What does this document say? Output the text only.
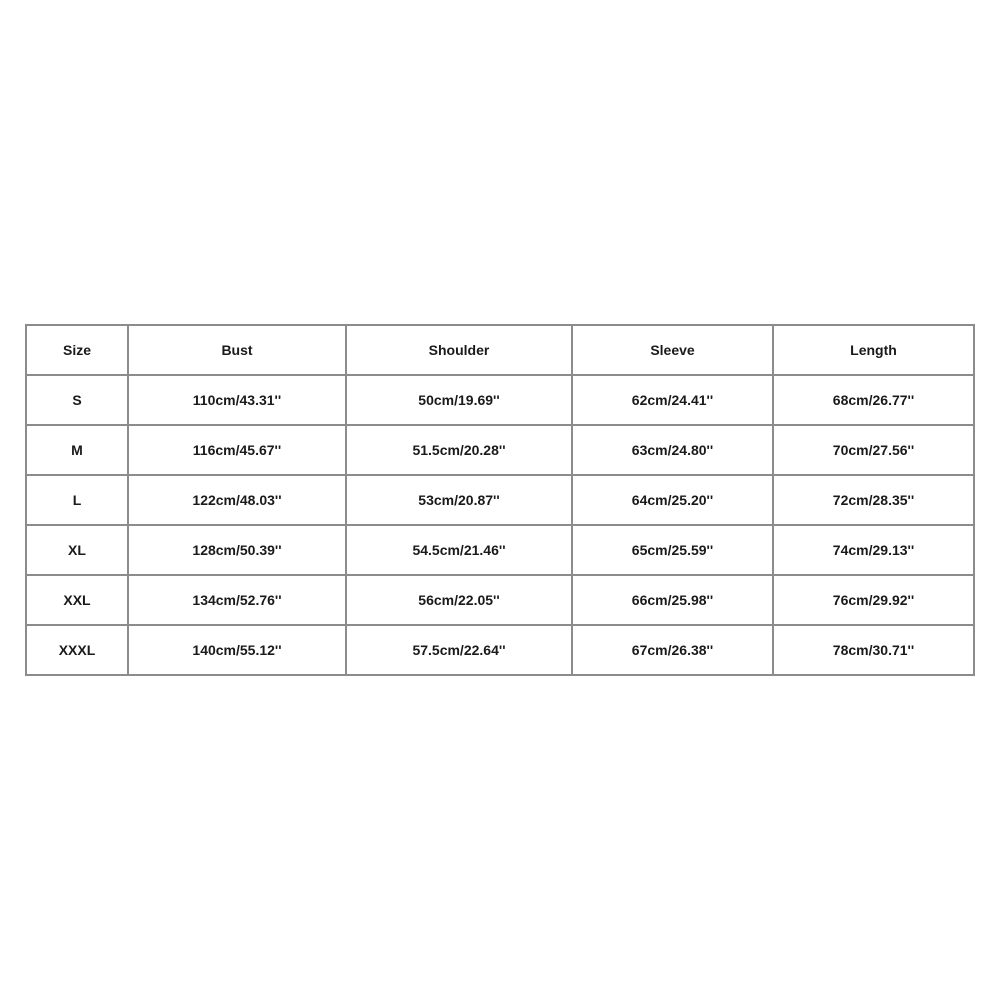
Size	Bust	Shoulder	Sleeve	Length
S	110cm/43.31''	50cm/19.69''	62cm/24.41''	68cm/26.77''
M	116cm/45.67''	51.5cm/20.28''	63cm/24.80''	70cm/27.56''
L	122cm/48.03''	53cm/20.87''	64cm/25.20''	72cm/28.35''
XL	128cm/50.39''	54.5cm/21.46''	65cm/25.59''	74cm/29.13''
XXL	134cm/52.76''	56cm/22.05''	66cm/25.98''	76cm/29.92''
XXXL	140cm/55.12''	57.5cm/22.64''	67cm/26.38''	78cm/30.71''
